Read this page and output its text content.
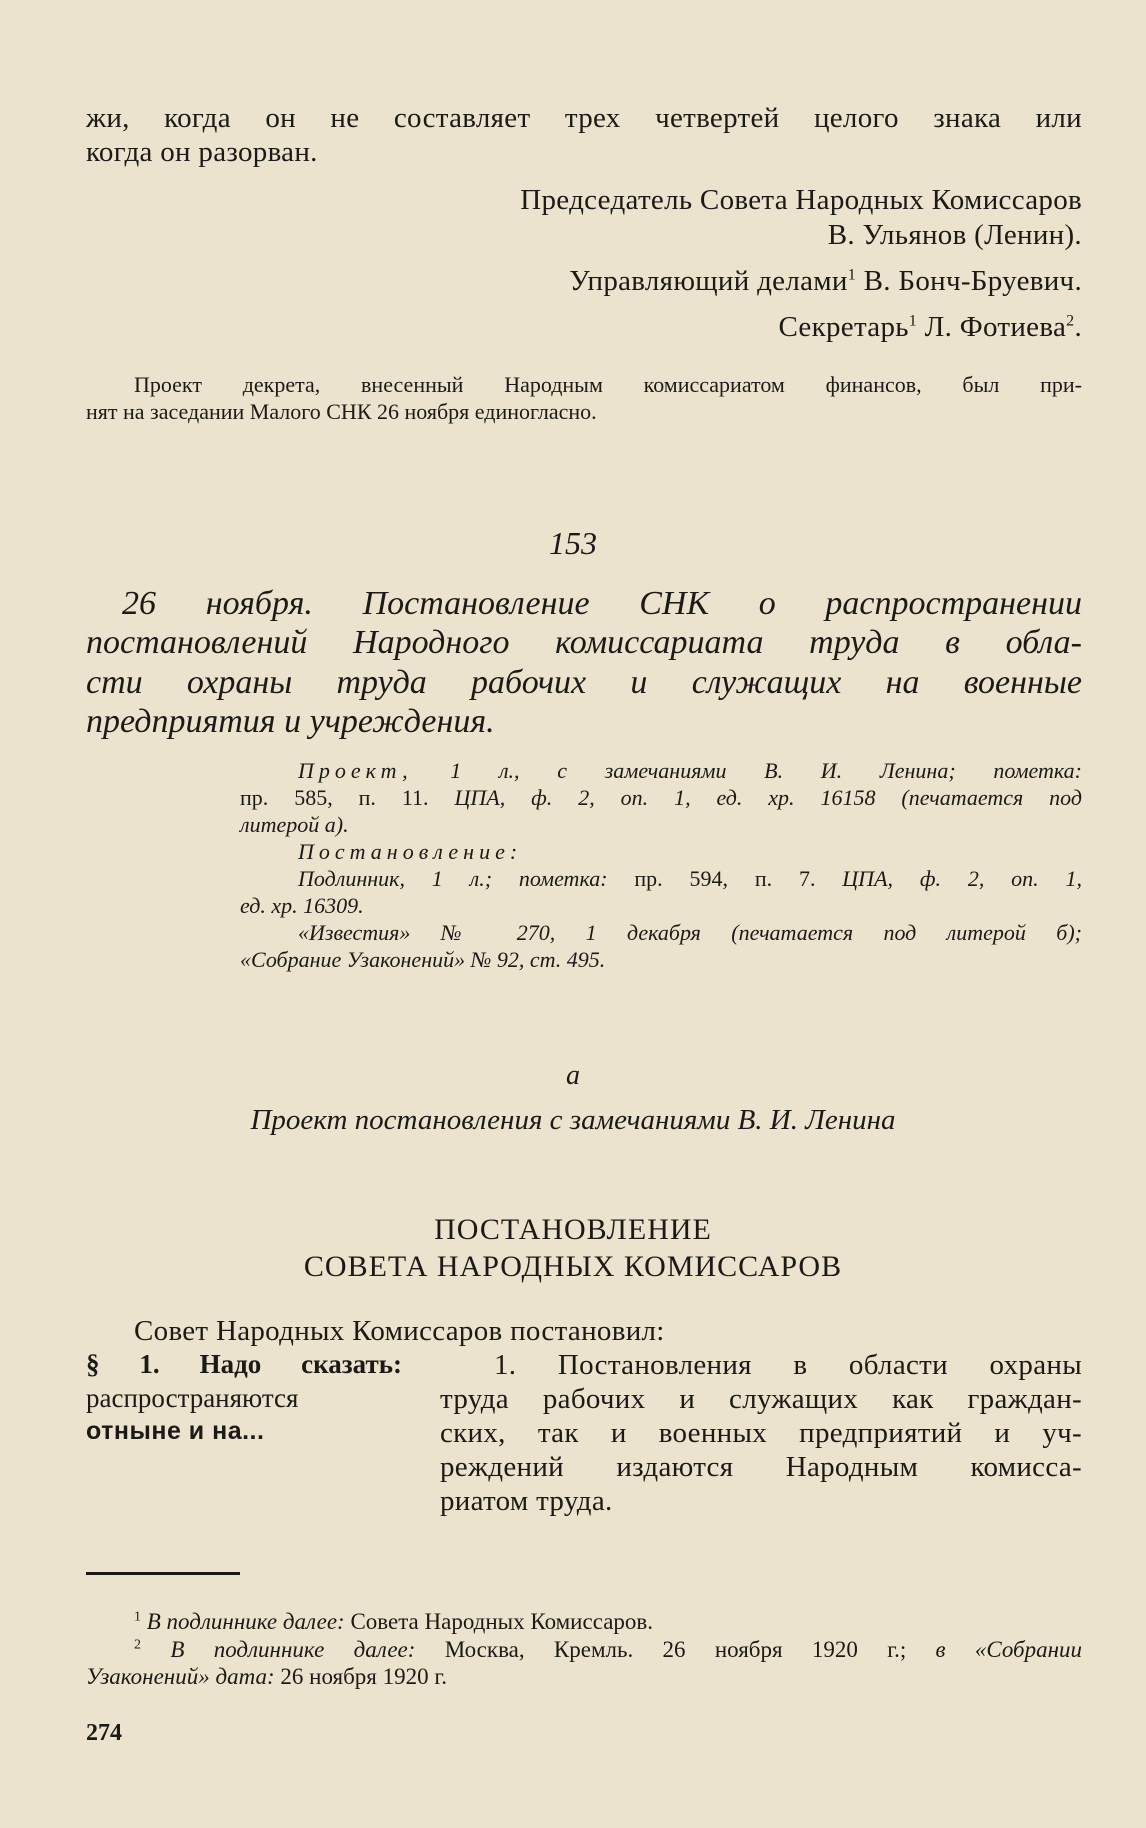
жи, когда он не составляет трех четвертей целого знака или
когда он разорван.
Председатель Совета Народных Комиссаров
В. Ульянов (Ленин).
Управляющий делами$^1$ В. Бонч-Бруевич.
Секретарь$^1$ Л. Фотиева$^2$.
Проект декрета, внесенный Народным комиссариатом финансов, был при-
нят на заседании Малого СНК 26 ноября единогласно.
153
26 ноября. Постановление СНК о распространении
постановлений Народного комиссариата труда в обла-
сти охраны труда рабочих и служащих на военные
предприятия и учреждения.
Проект, 1 л., с замечаниями В. И. Ленина; пометка:
пр. 585, п. 11. ЦПА, ф. 2, оп. 1, ед. хр. 16158 (печатается под
литерой а).
Постановление:
Подлинник, 1 л.; пометка: пр. 594, п. 7. ЦПА, ф. 2, оп. 1,
ед. хр. 16309.
«Известия» № 270, 1 декабря (печатается под литерой б);
«Собрание Узаконений» № 92, ст. 495.
а
Проект постановления с замечаниями В. И. Ленина
ПОСТАНОВЛЕНИЕ
СОВЕТА НАРОДНЫХ КОМИССАРОВ
Совет Народных Комиссаров постановил:
§ 1. Надо сказать:
распространяются
отныне и на...
1. Постановления в области охраны
труда рабочих и служащих как граждан-
ских, так и военных предприятий и уч-
реждений издаются Народным комисса-
риатом труда.
$^1$ В подлиннике далее: Совета Народных Комиссаров.
$^2$ В подлиннике далее: Москва, Кремль. 26 ноября 1920 г.; в «Собрании
Узаконений» дата: 26 ноября 1920 г.
274
